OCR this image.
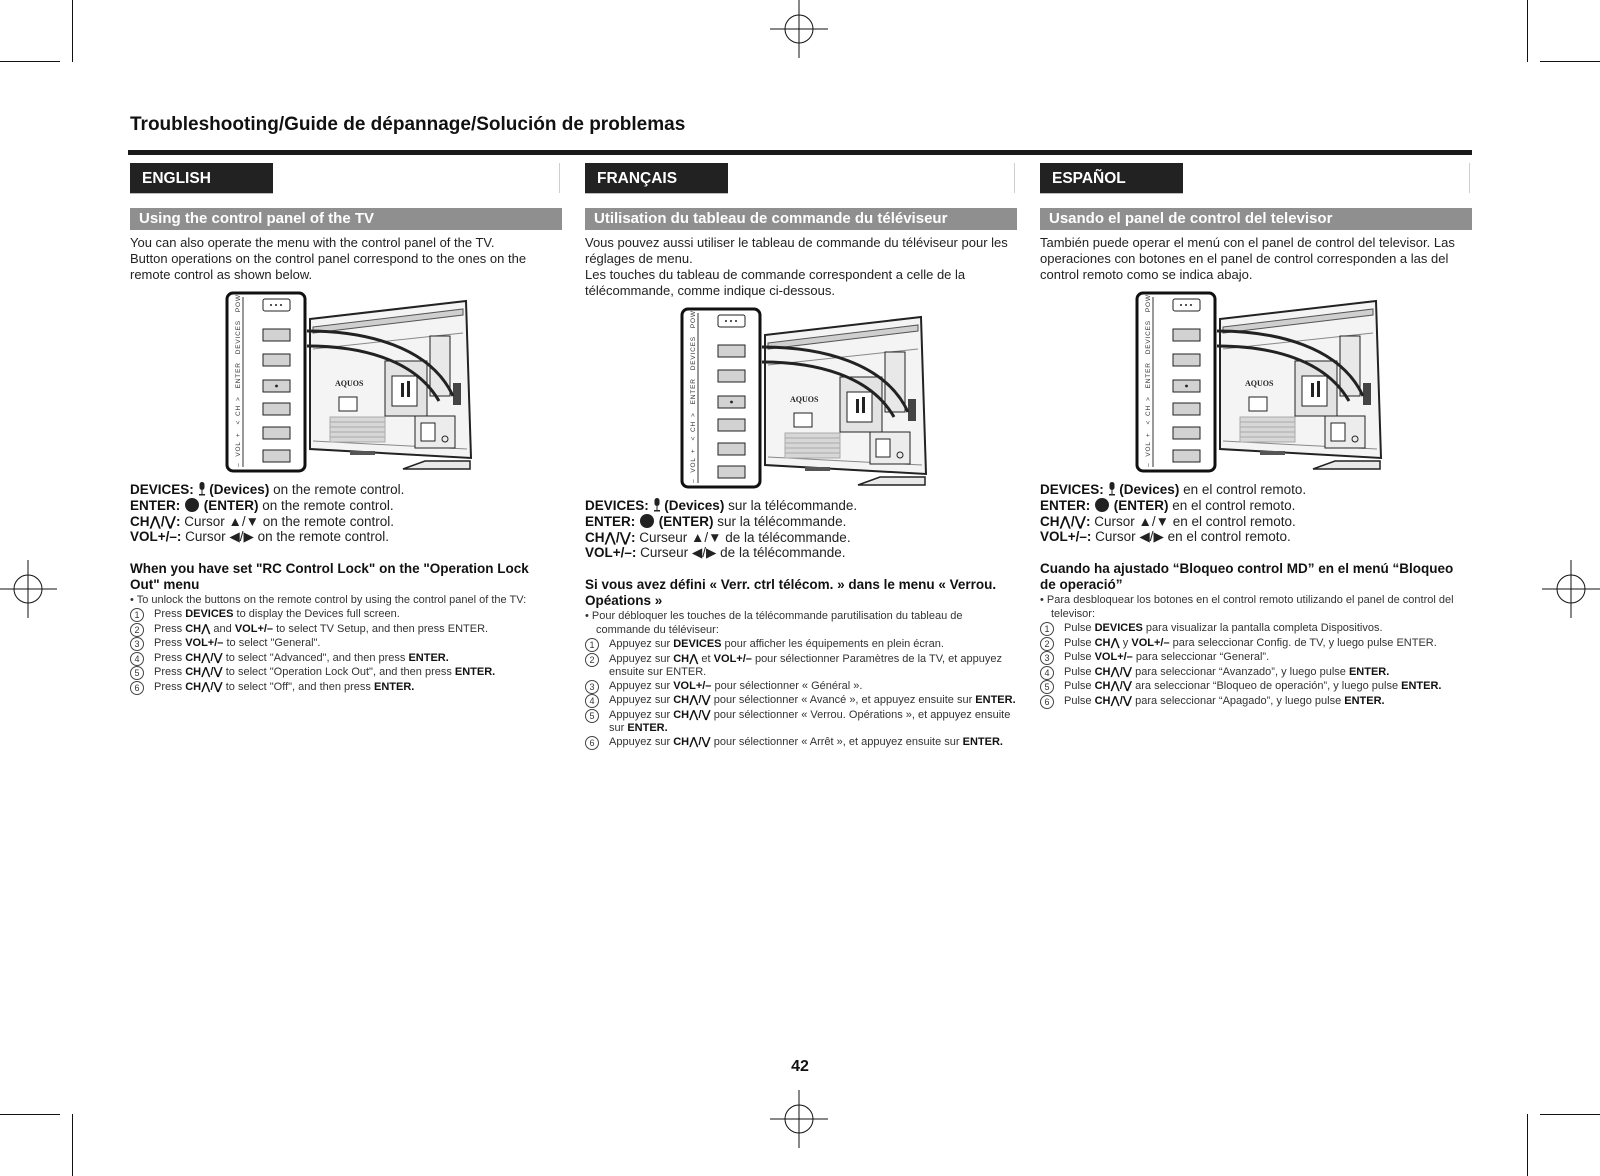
Troubleshooting/Guide de dépannage/Solución de problemas
ENGLISH
Using the control panel of the TV

You can also operate the menu with the control panel of the TV.

Button operations on the control panel correspond to the ones on the remote control as shown below.

DEVICES:  (Devices) on the remote control.
ENTER:  (ENTER) on the remote control.
CH⋀/⋁: Cursor ▲/▼ on the remote control.
VOL+/–: Cursor ◀/▶ on the remote control.
When you have set "RC Control Lock" on the "Operation Lock Out" menu
• To unlock the buttons on the remote control by using the control panel of the TV:
1	Press DEVICES to display the Devices full screen.
2	Press CH⋀ and VOL+/– to select TV Setup, and then press ENTER.
3	Press VOL+/– to select "General".
4	Press CH⋀/⋁ to select "Advanced", and then press ENTER.
5	Press CH⋀/⋁ to select "Operation Lock Out", and then press ENTER.
6	Press CH⋀/⋁ to select "Off", and then press ENTER.
FRANÇAIS
Utilisation du tableau de commande du téléviseur

Vous pouvez aussi utiliser le tableau de commande du téléviseur pour les réglages de menu.

Les touches du tableau de commande correspondent a celle de la télécommande, comme indique ci-dessous.

DEVICES:  (Devices) sur la télécommande.
ENTER:  (ENTER) sur la télécommande.
CH⋀/⋁: Curseur ▲/▼ de la télécommande.
VOL+/–: Curseur ◀/▶ de la télécommande.
Si vous avez défini « Verr. ctrl télécom. » dans le menu « Verrou. Opéations »
• Pour débloquer les touches de la télécommande parutilisation du tableau de commande du téléviseur:
1	Appuyez sur DEVICES pour afficher les équipements en plein écran.
2	Appuyez sur CH⋀ et VOL+/– pour sélectionner Paramètres de la TV, et appuyez ensuite sur ENTER.
3	Appuyez sur VOL+/– pour sélectionner « Général ».
4	Appuyez sur CH⋀/⋁ pour sélectionner « Avancé », et appuyez ensuite sur ENTER.
5	Appuyez sur CH⋀/⋁ pour sélectionner « Verrou. Opérations », et appuyez ensuite sur ENTER.
6	Appuyez sur CH⋀/⋁ pour sélectionner « Arrêt », et appuyez ensuite sur ENTER.
ESPAÑOL
Usando el panel de control del televisor

También puede operar el menú con el panel de control del televisor. Las operaciones con botones en el panel de control corresponden a las del control remoto como se indica abajo.

DEVICES:  (Devices) en el control remoto.
ENTER:  (ENTER) en el control remoto.
CH⋀/⋁: Cursor ▲/▼ en el control remoto.
VOL+/–: Cursor ◀/▶ en el control remoto.
Cuando ha ajustado “Bloqueo control MD” en el menú “Bloqueo de operació”
• Para desbloquear los botones en el control remoto utilizando el panel de control del televisor:
1	Pulse DEVICES para visualizar la pantalla completa Dispositivos.
2	Pulse CH⋀ y VOL+/– para seleccionar Config. de TV, y luego pulse ENTER.
3	Pulse VOL+/– para seleccionar “General”.
4	Pulse CH⋀/⋁ para seleccionar “Avanzado”, y luego pulse ENTER.
5	Pulse CH⋀/⋁ ara seleccionar “Bloqueo de operación”, y luego pulse ENTER.
6	Pulse CH⋀/⋁ para seleccionar “Apagado”, y luego pulse ENTER.
42
